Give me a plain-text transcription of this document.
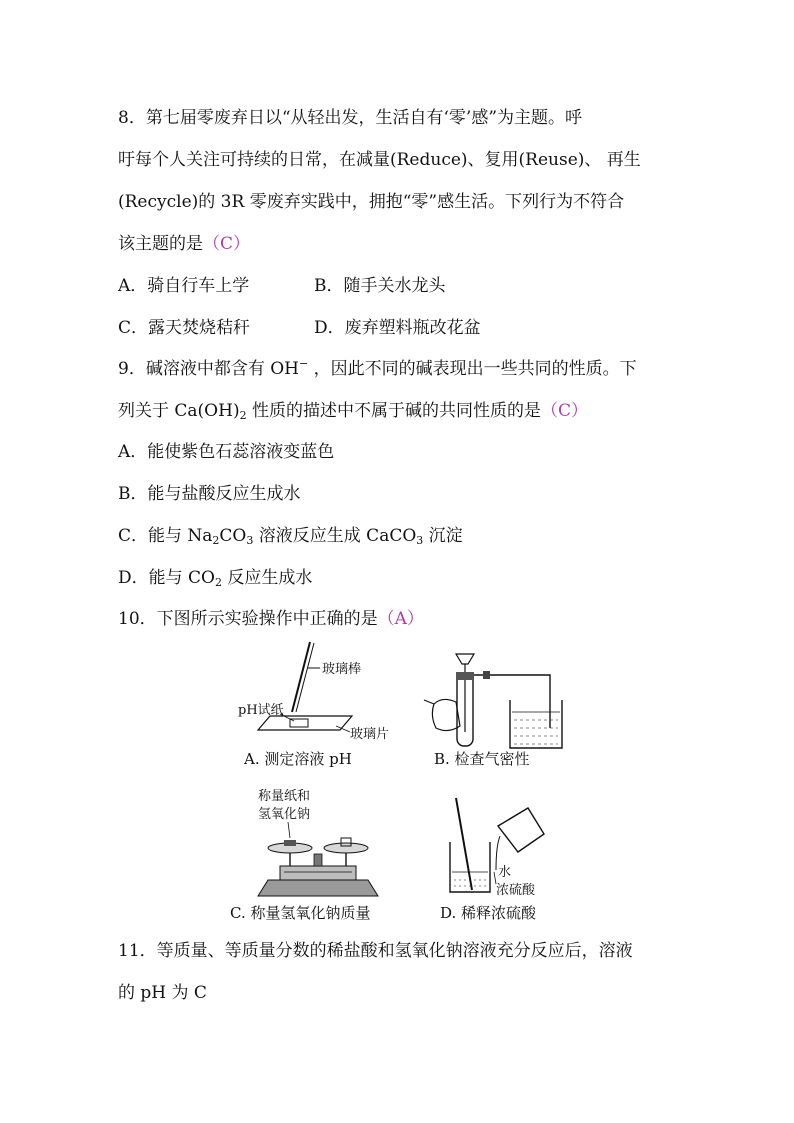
8．第七届零废弃日以“从轻出发，生活自有‘零’感”为主题。呼
吁每个人关注可持续的日常，在减量(Reduce)、复用(Reuse)、 再生
(Recycle)的 3R 零废弃实践中，拥抱“零”感生活。下列行为不符合
该主题的是（C）
A．骑自行车上学	B．随手关水龙头
C．露天焚烧秸秆	D．废弃塑料瓶改花盆
9．碱溶液中都含有 OH− ，因此不同的碱表现出一些共同的性质。下
列关于 $Ca(OH)_2$ 性质的描述中不属于碱的共同性质的是（C）
A．能使紫色石蕊溶液变蓝色
B．能与盐酸反应生成水
C．能与 $Na_2CO_3$ 溶液反应生成 CaCO$_3$ 沉淀
D．能与 $CO_2$ 反应生成水
10．下图所示实验操作中正确的是（A）
玻璃棒
pH试纸
玻璃片
A. 测定溶液 pH	B. 检查气密性
称量纸和
氢氧化钠
C. 称量氢氧化钠质量
水
浓硫酸
D. 稀释浓硫酸
11．等质量、等质量分数的稀盐酸和氢氧化钠溶液充分反应后，溶液
的 pH 为 C
